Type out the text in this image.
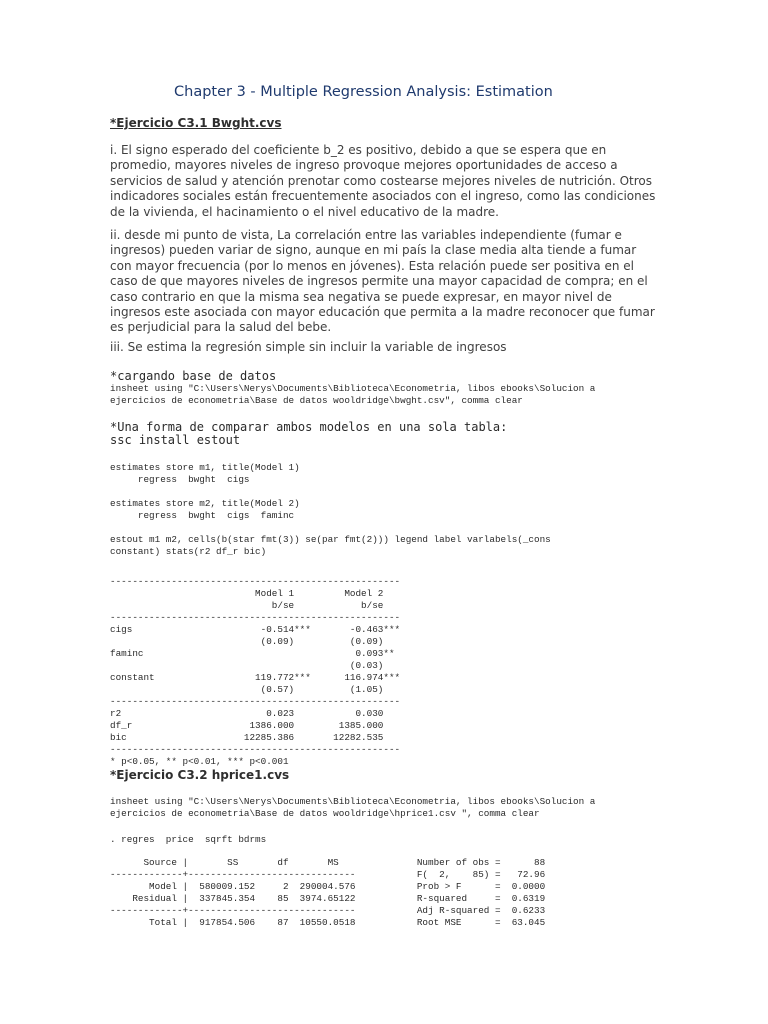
Chapter 3 - Multiple Regression Analysis: Estimation
*Ejercicio C3.1 Bwght.cvs
i. El signo esperado del coeficiente b_2 es positivo, debido a que se espera que en promedio, mayores niveles de ingreso provoque mejores oportunidades de acceso a servicios de salud y atención prenotar como costearse mejores niveles de nutrición. Otros indicadores sociales están frecuentemente asociados con el ingreso, como las condiciones de la vivienda, el hacinamiento o el nivel educativo de la madre.
ii. desde mi punto de vista, La correlación entre las variables independiente (fumar e ingresos) pueden variar de signo, aunque en mi país la clase media alta tiende a fumar con mayor frecuencia (por lo menos en jóvenes). Esta relación puede ser positiva en el caso de que mayores niveles de ingresos permite una mayor capacidad de compra; en el caso contrario en que la misma sea negativa se puede expresar, en mayor nivel de ingresos este asociada con mayor educación que permita a la madre reconocer que fumar es perjudicial para la salud del bebe.
iii. Se estima la regresión simple sin incluir la variable de ingresos
*cargando base de datos
insheet using "C:\Users\Nerys\Documents\Biblioteca\Econometria, libos ebooks\Solucion a
ejercicios de econometria\Base de datos wooldridge\bwght.csv", comma clear
*Una forma de comparar ambos modelos en una sola tabla:
ssc install estout
estimates store m1, title(Model 1)
regress  bwght  cigs
estimates store m2, title(Model 2)
regress  bwght  cigs  faminc
estout m1 m2, cells(b(star fmt(3)) se(par fmt(2))) legend label varlabels(_cons
constant) stats(r2 df_r bic)
----------------------------------------------------
Model 1         Model 2
b/se            b/se
----------------------------------------------------
cigs                       -0.514***       -0.463***
(0.09)          (0.09)
faminc                                      0.093**
(0.03)
constant                  119.772***      116.974***
(0.57)          (1.05)
----------------------------------------------------
r2                          0.023           0.030
df_r                     1386.000        1385.000
bic                     12285.386       12282.535
----------------------------------------------------
* p<0.05, ** p<0.01, *** p<0.001
*Ejercicio C3.2 hprice1.cvs
insheet using "C:\Users\Nerys\Documents\Biblioteca\Econometria, libos ebooks\Solucion a
ejercicios de econometria\Base de datos wooldridge\hprice1.csv ", comma clear
. regres  price  sqrft bdrms
Source |       SS       df       MS              Number of obs =      88
-------------+------------------------------           F(  2,    85) =   72.96
Model |  580009.152     2  290004.576           Prob > F      =  0.0000
Residual |  337845.354    85  3974.65122           R-squared     =  0.6319
-------------+------------------------------           Adj R-squared =  0.6233
Total |  917854.506    87  10550.0518           Root MSE      =  63.045
